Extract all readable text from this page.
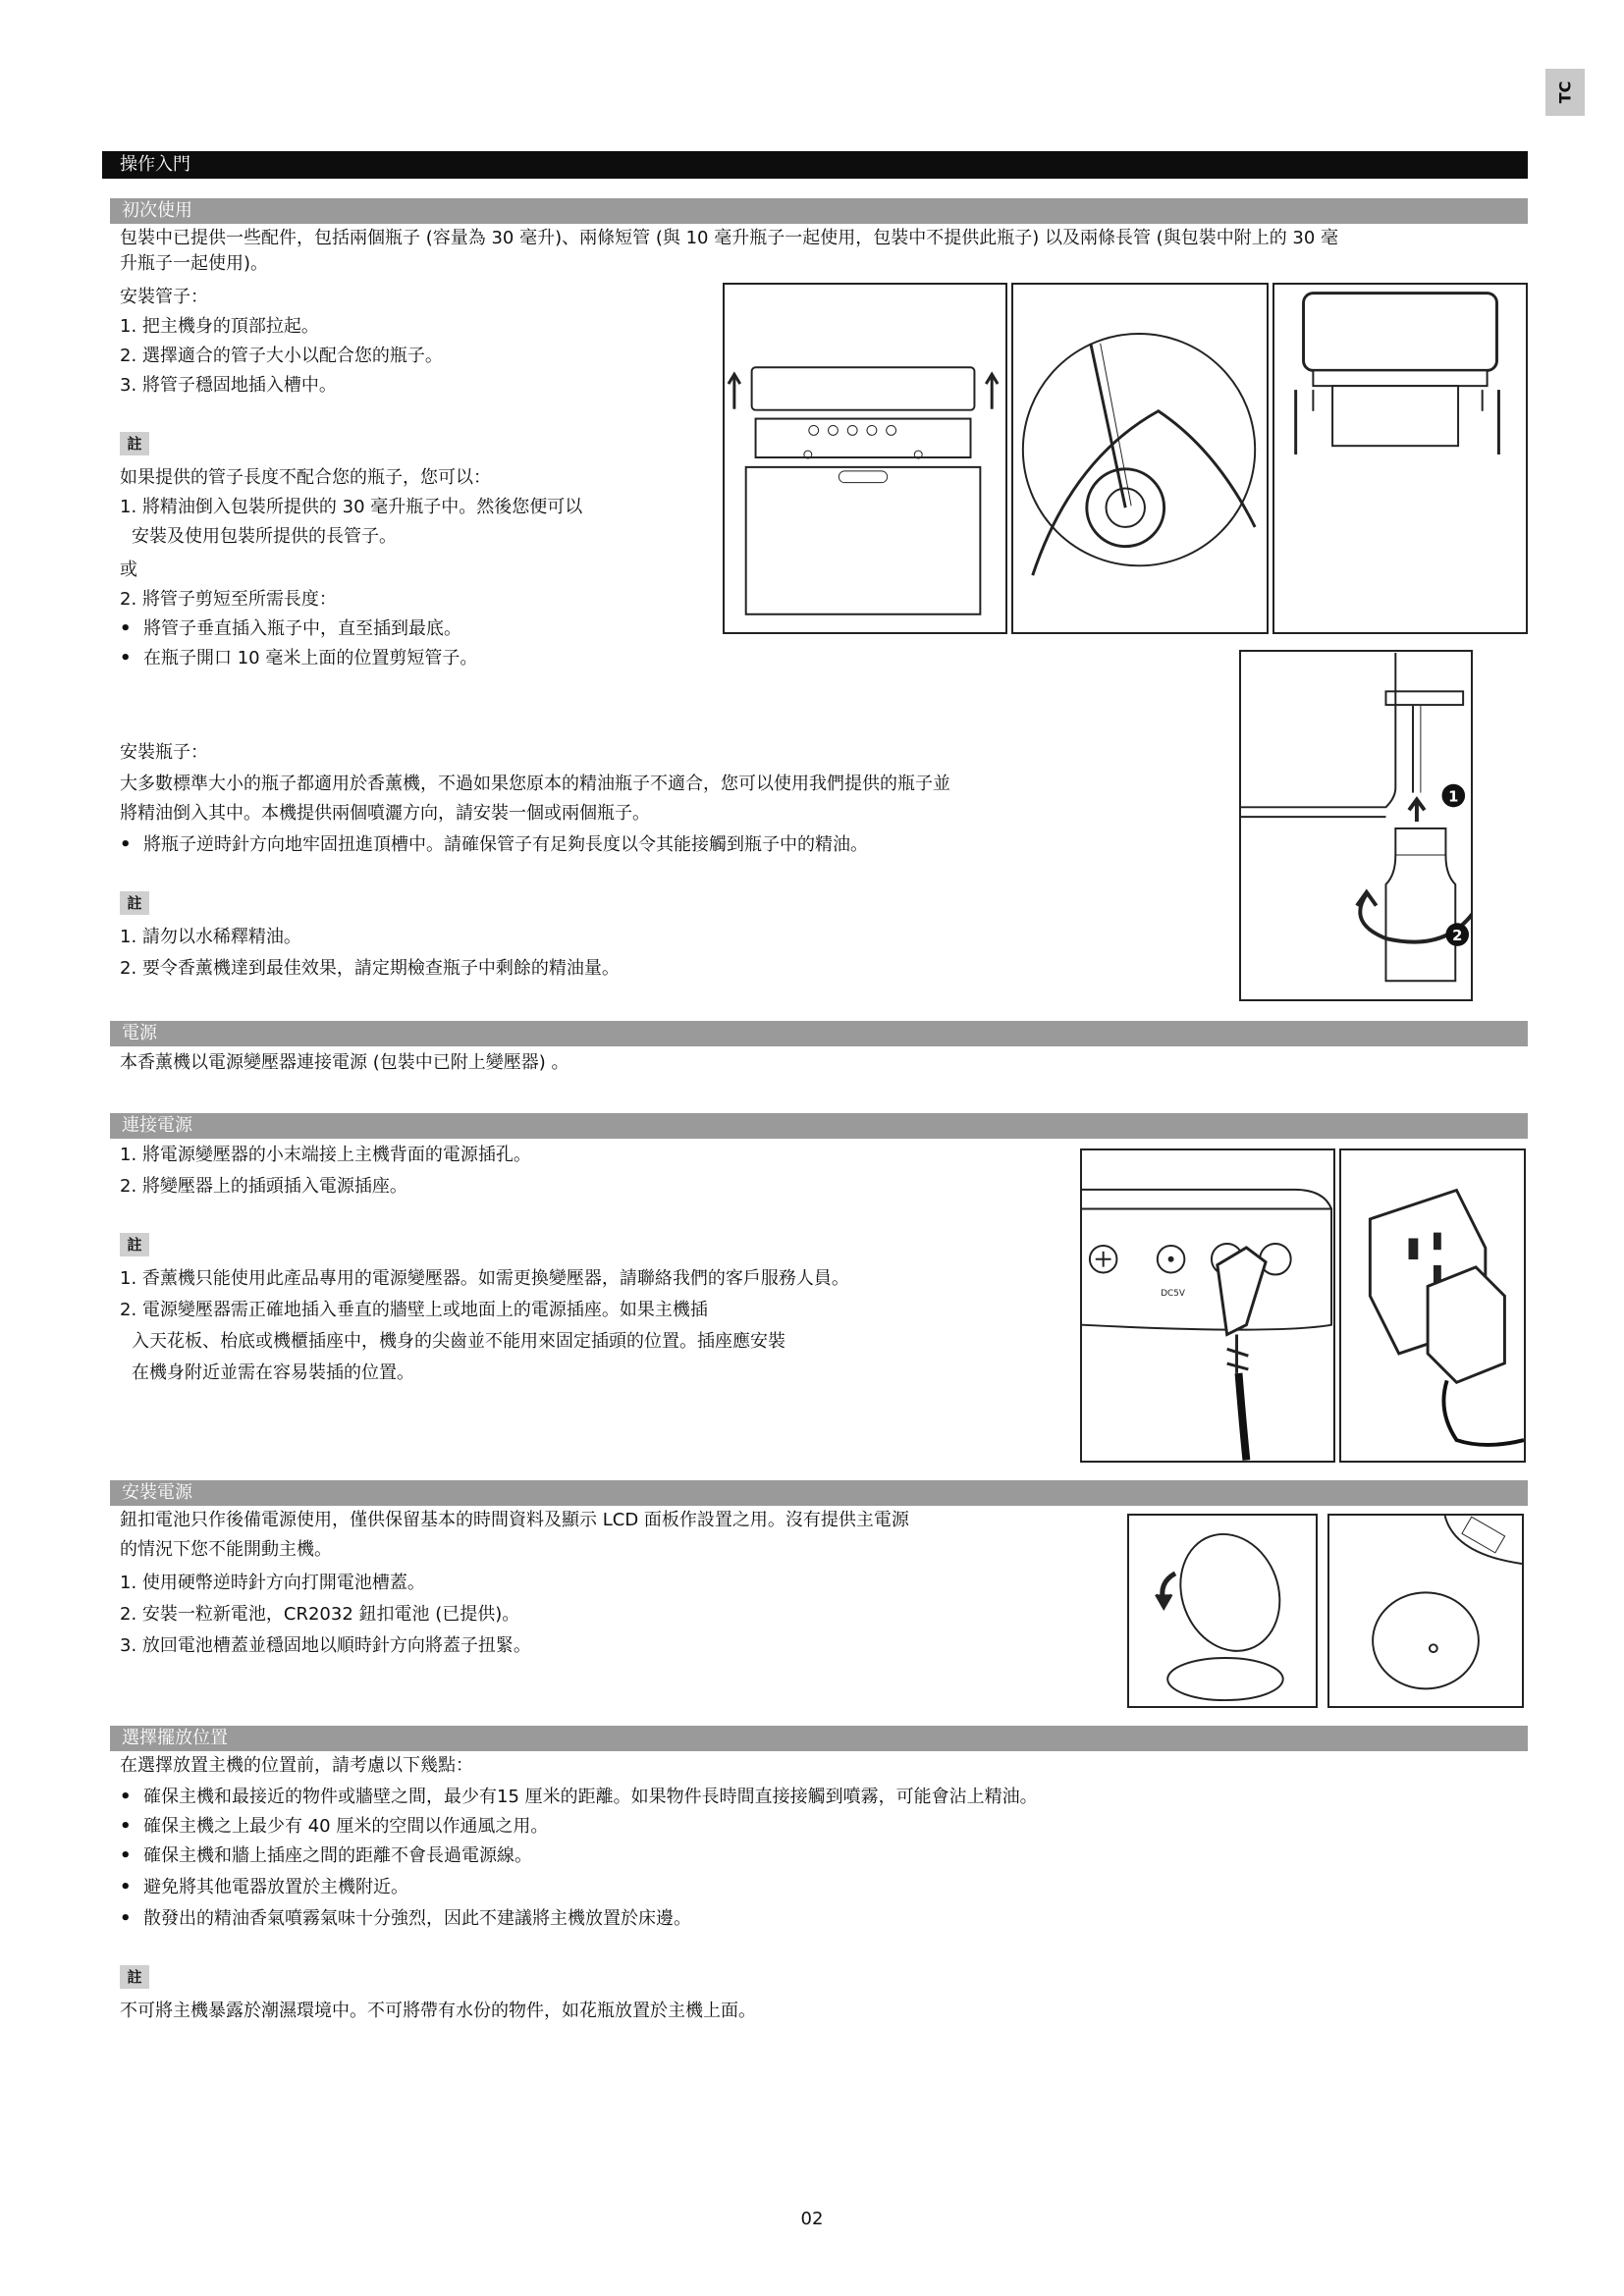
TC
操作入門
初次使用
包裝中已提供一些配件，包括兩個瓶子 (容量為 30 毫升)、兩條短管 (與 10 毫升瓶子一起使用，包裝中不提供此瓶子) 以及兩條長管 (與包裝中附上的 30 毫
升瓶子一起使用)。
安裝管子：
1. 把主機身的頂部拉起。
2. 選擇適合的管子大小以配合您的瓶子。
3. 將管子穩固地插入槽中。
註
如果提供的管子長度不配合您的瓶子，您可以：
1. 將精油倒入包裝所提供的 30 毫升瓶子中。然後您便可以
安裝及使用包裝所提供的長管子。
或
2. 將管子剪短至所需長度：
• 將管子垂直插入瓶子中，直至插到最底。
• 在瓶子開口 10 毫米上面的位置剪短管子。
安裝瓶子：
大多數標準大小的瓶子都適用於香薰機，不過如果您原本的精油瓶子不適合，您可以使用我們提供的瓶子並
將精油倒入其中。本機提供兩個噴灑方向，請安裝一個或兩個瓶子。
• 將瓶子逆時針方向地牢固扭進頂槽中。請確保管子有足夠長度以令其能接觸到瓶子中的精油。
註
1. 請勿以水稀釋精油。
2. 要令香薰機達到最佳效果，請定期檢查瓶子中剩餘的精油量。
1
2
電源
本香薰機以電源變壓器連接電源 (包裝中已附上變壓器) 。
連接電源
1. 將電源變壓器的小末端接上主機背面的電源插孔。
2. 將變壓器上的插頭插入電源插座。
註
1. 香薰機只能使用此產品專用的電源變壓器。如需更換變壓器，請聯絡我們的客戶服務人員。
2. 電源變壓器需正確地插入垂直的牆壁上或地面上的電源插座。如果主機插
入天花板、枱底或機櫃插座中，機身的尖齒並不能用來固定插頭的位置。插座應安裝
在機身附近並需在容易裝插的位置。
DC5V
安裝電源
鈕扣電池只作後備電源使用，僅供保留基本的時間資料及顯示 LCD 面板作設置之用。沒有提供主電源
的情況下您不能開動主機。
1. 使用硬幣逆時針方向打開電池槽蓋。
2. 安裝一粒新電池，CR2032 鈕扣電池 (已提供)。
3. 放回電池槽蓋並穩固地以順時針方向將蓋子扭緊。
選擇擺放位置
在選擇放置主機的位置前，請考慮以下幾點：
• 確保主機和最接近的物件或牆壁之間，最少有15 厘米的距離。如果物件長時間直接接觸到噴霧，可能會沾上精油。
• 確保主機之上最少有 40 厘米的空間以作通風之用。
• 確保主機和牆上插座之間的距離不會長過電源線。
• 避免將其他電器放置於主機附近。
• 散發出的精油香氣噴霧氣味十分強烈，因此不建議將主機放置於床邊。
註
不可將主機暴露於潮濕環境中。不可將帶有水份的物件，如花瓶放置於主機上面。
02
